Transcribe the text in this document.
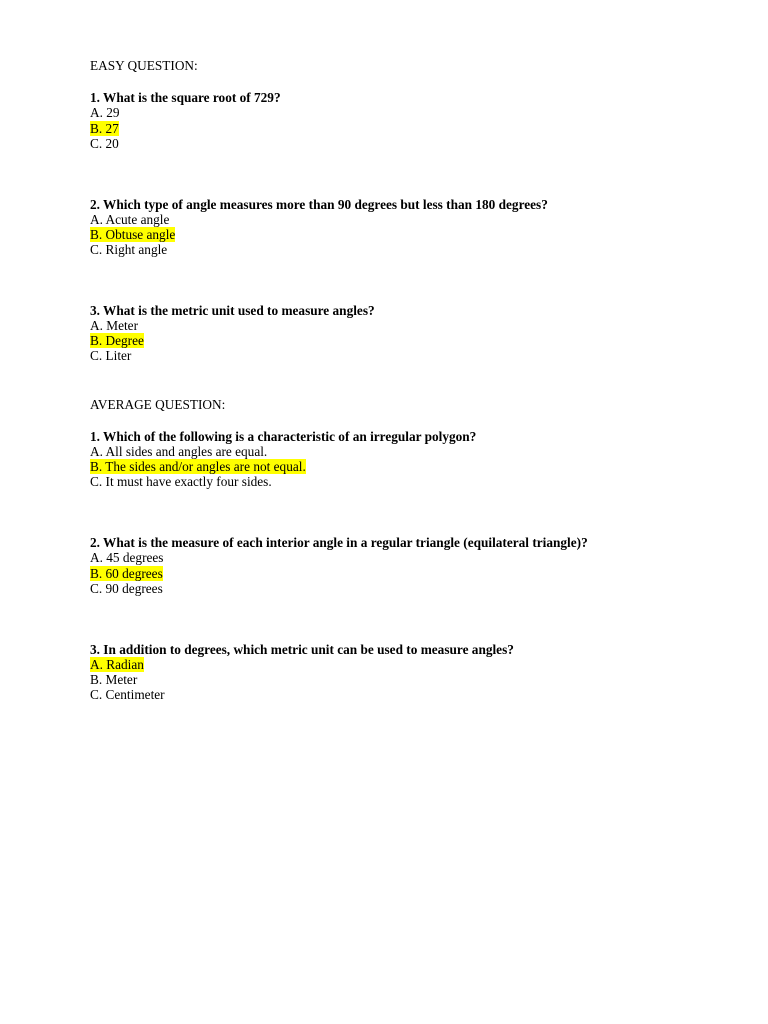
EASY QUESTION:
1. What is the square root of 729?
A. 29
B. 27
C. 20
2. Which type of angle measures more than 90 degrees but less than 180 degrees?
A. Acute angle
B. Obtuse angle
C. Right angle
3. What is the metric unit used to measure angles?
A. Meter
B. Degree
C. Liter
AVERAGE QUESTION:
1. Which of the following is a characteristic of an irregular polygon?
A. All sides and angles are equal.
B. The sides and/or angles are not equal.
C. It must have exactly four sides.
2. What is the measure of each interior angle in a regular triangle (equilateral triangle)?
A. 45 degrees
B. 60 degrees
C. 90 degrees
3. In addition to degrees, which metric unit can be used to measure angles?
A. Radian
B. Meter
C. Centimeter
